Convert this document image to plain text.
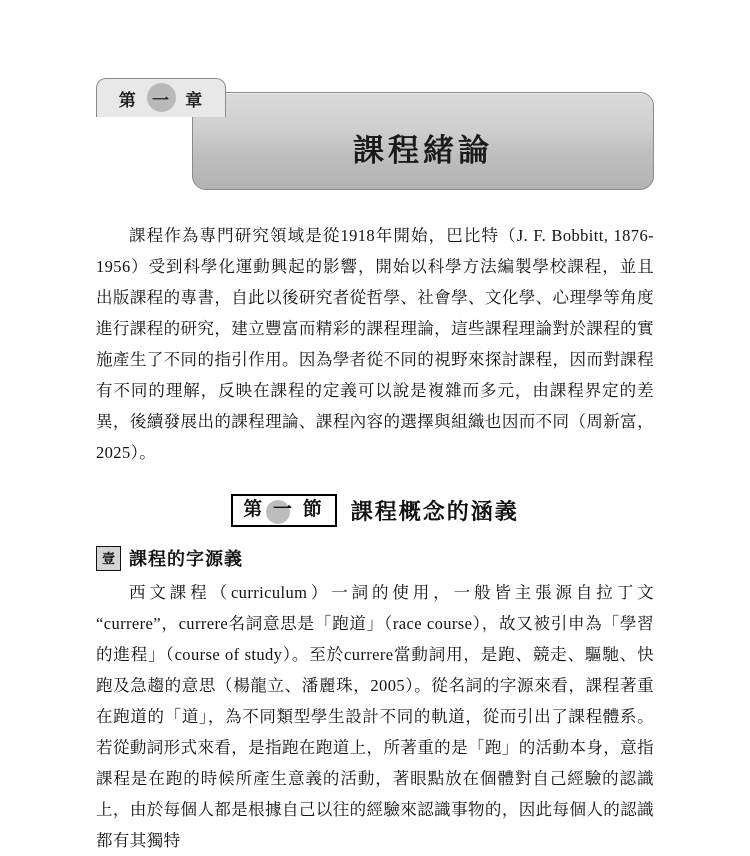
課程緒論
第 一 章

課程作為專門研究領域是從1918年開始，巴比特（J. F. Bobbitt, 1876-1956）受到科學化運動興起的影響，開始以科學方法編製學校課程，並且出版課程的專書，自此以後研究者從哲學、社會學、文化學、心理學等角度進行課程的研究，建立豐富而精彩的課程理論，這些課程理論對於課程的實施產生了不同的指引作用。因為學者從不同的視野來探討課程，因而對課程有不同的理解，反映在課程的定義可以說是複雜而多元，由課程界定的差異，後續發展出的課程理論、課程內容的選擇與組織也因而不同（周新富，2025）。

第 一 節 課程概念的涵義
壹 課程的字源義

西文課程（curriculum）一詞的使用，一般皆主張源自拉丁文 “currere”，currere名詞意思是「跑道」（race course），故又被引申為「學習的進程」（course of study）。至於currere當動詞用，是跑、競走、驅馳、快跑及急趨的意思（楊龍立、潘麗珠，2005）。從名詞的字源來看，課程著重在跑道的「道」，為不同類型學生設計不同的軌道，從而引出了課程體系。若從動詞形式來看，是指跑在跑道上，所著重的是「跑」的活動本身，意指課程是在跑的時候所產生意義的活動，著眼點放在個體對自己經驗的認識上，由於每個人都是根據自己以往的經驗來認識事物的，因此每個人的認識都有其獨特
